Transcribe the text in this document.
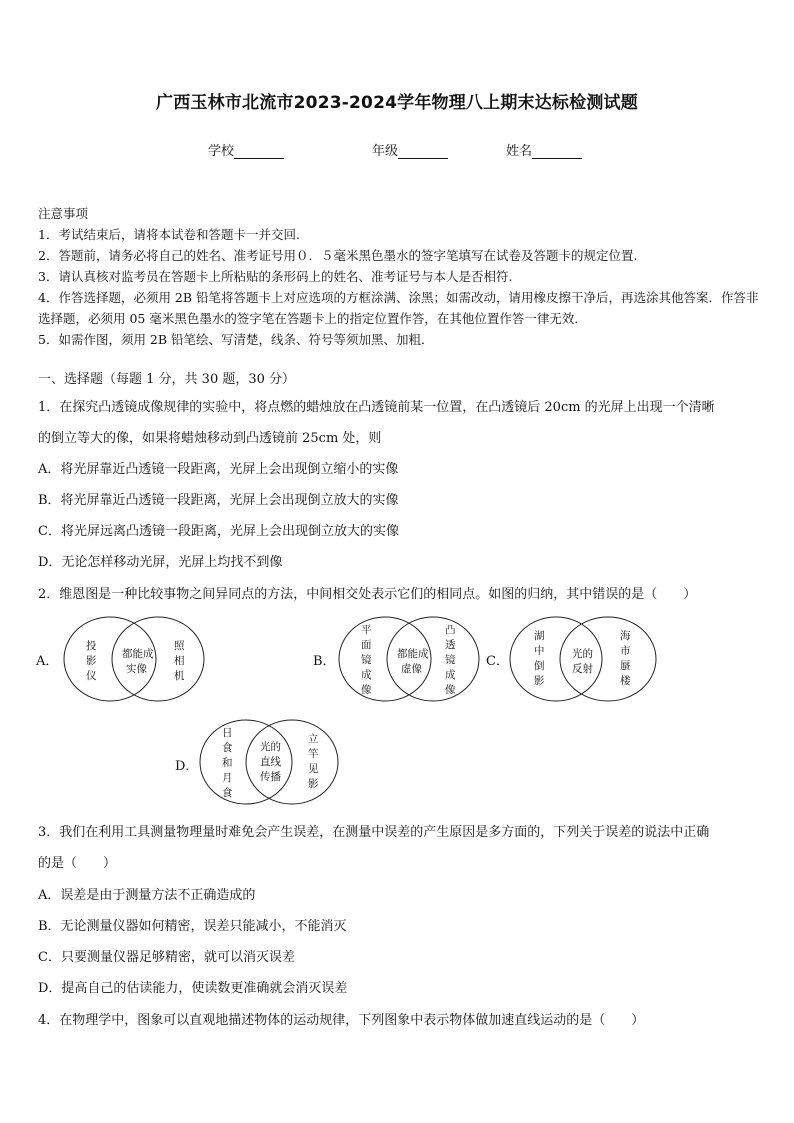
广西玉林市北流市2023-2024学年物理八上期末达标检测试题
学校	年级	姓名
注意事项
1．考试结束后，请将本试卷和答题卡一并交回.
2．答题前，请务必将自己的姓名、准考证号用０．５毫米黑色墨水的签字笔填写在试卷及答题卡的规定位置.
3．请认真核对监考员在答题卡上所粘贴的条形码上的姓名、准考证号与本人是否相符.
4．作答选择题，必须用 2B 铅笔将答题卡上对应选项的方框涂满、涂黑；如需改动，请用橡皮擦干净后，再选涂其他答案．作答非选择题，必须用 05 毫米黑色墨水的签字笔在答题卡上的指定位置作答，在其他位置作答一律无效．
5．如需作图，须用 2B 铅笔绘、写清楚，线条、符号等须加黑、加粗．
一、选择题（每题 1 分，共 30 题，30 分）
1．在探究凸透镜成像规律的实验中，将点燃的蜡烛放在凸透镜前某一位置，在凸透镜后 20cm 的光屏上出现一个清晰
的倒立等大的像，如果将蜡烛移动到凸透镜前 25cm 处，则
A．将光屏靠近凸透镜一段距离，光屏上会出现倒立缩小的实像
B．将光屏靠近凸透镜一段距离，光屏上会出现倒立放大的实像
C．将光屏远离凸透镜一段距离，光屏上会出现倒立放大的实像
D．无论怎样移动光屏，光屏上均找不到像
2．维恩图是一种比较事物之间异同点的方法，中间相交处表示它们的相同点。如图的归纳，其中错误的是（　　）
A．
投
影
仪
都能成
实像
照
相
机
B．
平
面
镜
成
像
都能成
虚像
凸
透
镜
成
像
C．
湖
中
倒
影
光的
反射
海
市
蜃
楼
D．
日
食
和
月
食
光的
直线
传播
立
竿
见
影
3．我们在利用工具测量物理量时难免会产生误差，在测量中误差的产生原因是多方面的，下列关于误差的说法中正确
的是（　　）
A．误差是由于测量方法不正确造成的
B．无论测量仪器如何精密，误差只能减小，不能消灭
C．只要测量仪器足够精密，就可以消灭误差
D．提高自己的估读能力，使读数更准确就会消灭误差
4．在物理学中，图象可以直观地描述物体的运动规律，下列图象中表示物体做加速直线运动的是（　　）
